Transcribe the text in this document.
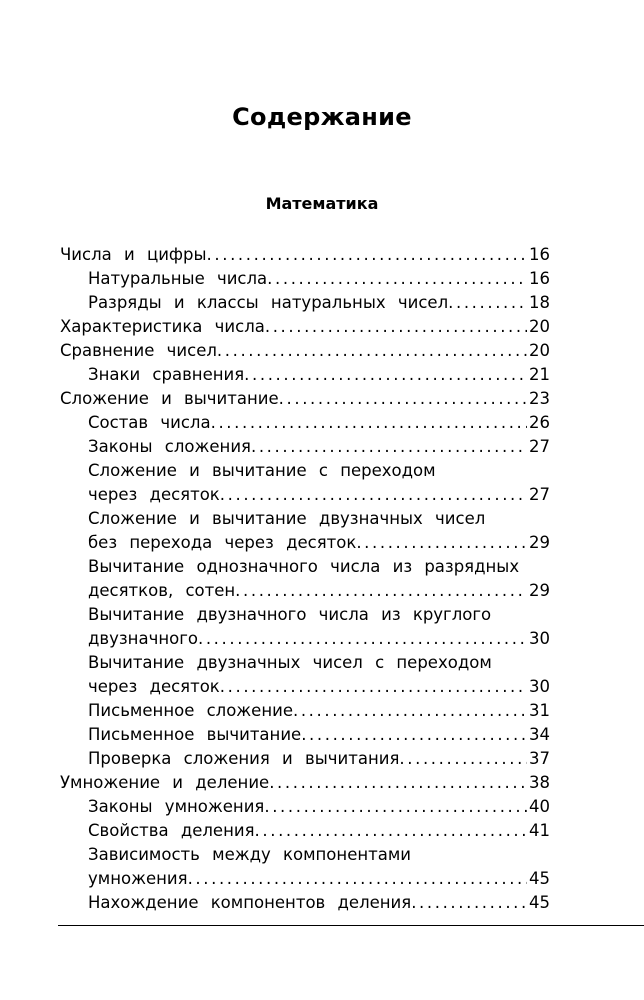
Содержание
Математика
Числа и цифры .....	16
Натуральные числа .....	16
Разряды и классы натуральных чисел .....	18
Характеристика числа .....	20
Сравнение чисел .....	20
Знаки сравнения .....	21
Сложение и вычитание .....	23
Состав числа .....	26
Законы сложения .....	27
Сложение и вычитание с переходом
через десяток .....	27
Сложение и вычитание двузначных чисел
без перехода через десяток .....	29
Вычитание однозначного числа из разрядных
десятков, сотен .....	29
Вычитание двузначного числа из круглого
двузначного .....	30
Вычитание двузначных чисел с переходом
через десяток .....	30
Письменное сложение .....	31
Письменное вычитание .....	34
Проверка сложения и вычитания .....	37
Умножение и деление .....	38
Законы умножения .....	40
Свойства деления .....	41
Зависимость между компонентами
умножения .....	45
Нахождение компонентов деления .....	45
